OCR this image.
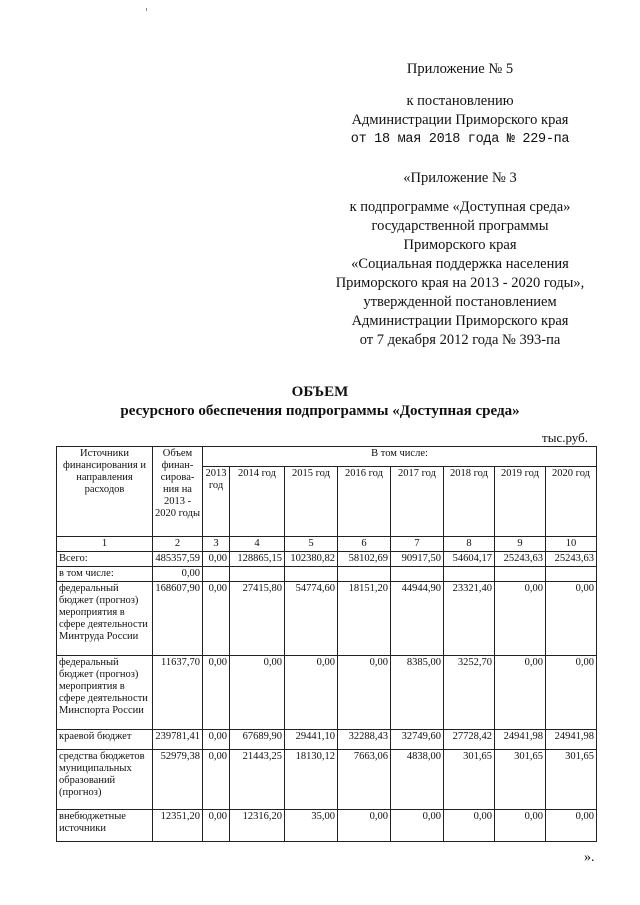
Приложение № 5
к постановлению
Администрации Приморского края
от 18 мая 2018 года № 229-па
«Приложение № 3
к подпрограмме «Доступная среда»
государственной программы
Приморского края
«Социальная поддержка населения
Приморского края на 2013 - 2020 годы»,
утвержденной постановлением
Администрации Приморского края
от 7 декабря 2012 года № 393-па
ОБЪЕМ
ресурсного обеспечения подпрограммы «Доступная среда»
тыс.руб.
Источники финансирования и направления расходов	Объем финан-сирова-ния на 2013 - 2020 годы	В том числе:							
		2013 год	2014 год	2015 год	2016 год	2017 год	2018 год	2019 год	2020 год
1	2	3	4	5	6	7	8	9	10
Всего:	485357,59	0,00	128865,15	102380,82	58102,69	90917,50	54604,17	25243,63	25243,63
в том числе:	0,00								
федеральный бюджет (прогноз) мероприятия в сфере деятельности Минтруда России	168607,90	0,00	27415,80	54774,60	18151,20	44944,90	23321,40	0,00	0,00
федеральный бюджет (прогноз) мероприятия в сфере деятельности Минспорта России	11637,70	0,00	0,00	0,00	0,00	8385,00	3252,70	0,00	0,00
краевой бюджет	239781,41	0,00	67689,90	29441,10	32288,43	32749,60	27728,42	24941,98	24941,98
средства бюджетов муниципальных образований (прогноз)	52979,38	0,00	21443,25	18130,12	7663,06	4838,00	301,65	301,65	301,65
внебюджетные источники	12351,20	0,00	12316,20	35,00	0,00	0,00	0,00	0,00	0,00
».
